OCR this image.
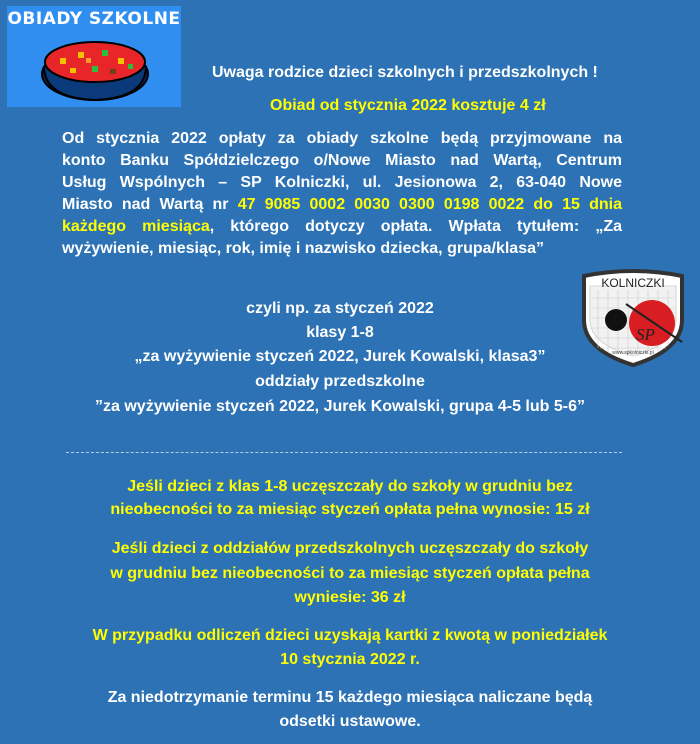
OBIADY SZKOLNE
KOLNICZKI
SP
www.spkolniczki.pl
Uwaga rodzice dzieci szkolnych i przedszkolnych !
Obiad od stycznia 2022 kosztuje 4 zł
Od stycznia 2022 opłaty za obiady szkolne będą przyjmowane na
konto Banku Spółdzielczego o/Nowe Miasto nad Wartą, Centrum
Usług Wspólnych – SP Kolniczki, ul. Jesionowa 2, 63-040 Nowe
Miasto nad Wartą nr 47 9085 0002 0030 0300 0198 0022 do 15 dnia
każdego miesiąca, którego dotyczy opłata. Wpłata tytułem: „Za
wyżywienie, miesiąc, rok, imię i nazwisko dziecka, grupa/klasa”
czyli np. za styczeń 2022
klasy 1-8
„za wyżywienie styczeń 2022, Jurek Kowalski, klasa3”
oddziały przedszkolne
”za wyżywienie styczeń 2022, Jurek Kowalski, grupa 4-5 lub 5-6”
Jeśli dzieci z klas 1-8 uczęszczały do szkoły w grudniu bez
nieobecności to za miesiąc styczeń opłata pełna wynosie: 15 zł
Jeśli dzieci z oddziałów przedszkolnych uczęszczały do szkoły
w grudniu bez nieobecności to za miesiąc styczeń opłata pełna
wyniesie: 36 zł
W przypadku odliczeń dzieci uzyskają kartki z kwotą w poniedziałek
10 stycznia 2022 r.
Za niedotrzymanie terminu 15 każdego miesiąca naliczane będą
odsetki ustawowe.
